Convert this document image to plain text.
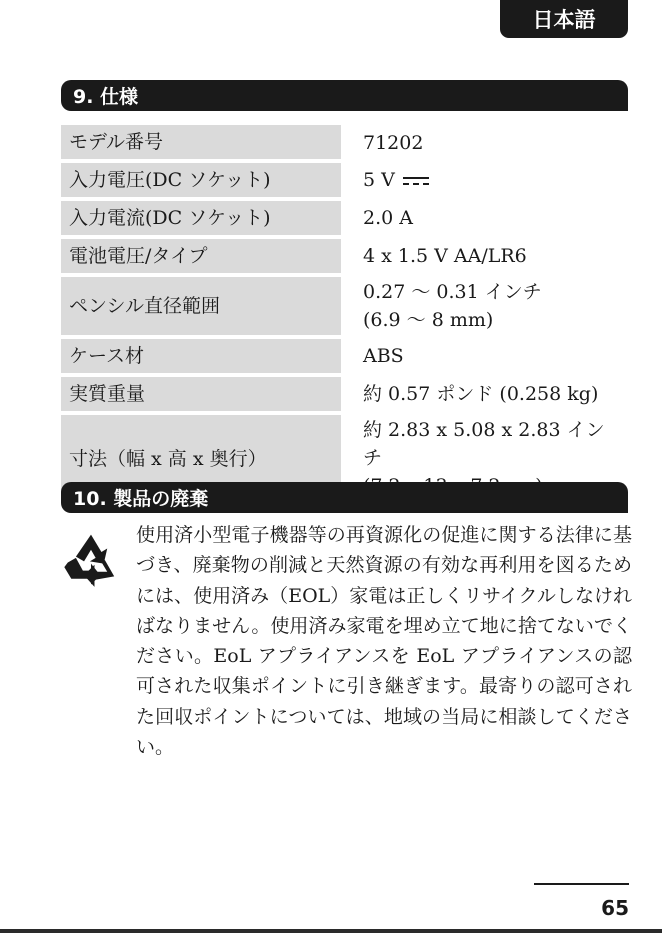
日本語
9. 仕様
モデル番号	71202

入力電圧(DC ソケット)	5 V

入力電流(DC ソケット)	2.0 A

電池電圧/タイプ	4 x 1.5 V AA/LR6

ペンシル直径範囲	0.27 ～ 0.31 インチ
(6.9 ～ 8 mm)

ケース材	ABS

実質重量	約 0.57 ポンド (0.258 kg)

寸法（幅 x 高 x 奥行）	約 2.83 x 5.08 x 2.83 インチ
10. 製品の廃棄

使用済小型電子機器等の再資源化の促進に関する法律に基づき、廃棄物の削減と天然資源の有効な再利用を図るためには、使用済み（EOL）家電は正しくリサイクルしなければなりません。使用済み家電を埋め立て地に捨てないでください。EoL アプライアンスを EoL アプライアンスの認可された収集ポイントに引き継ぎます。最寄りの認可された回収ポイントについては、地域の当局に相談してください。

65
